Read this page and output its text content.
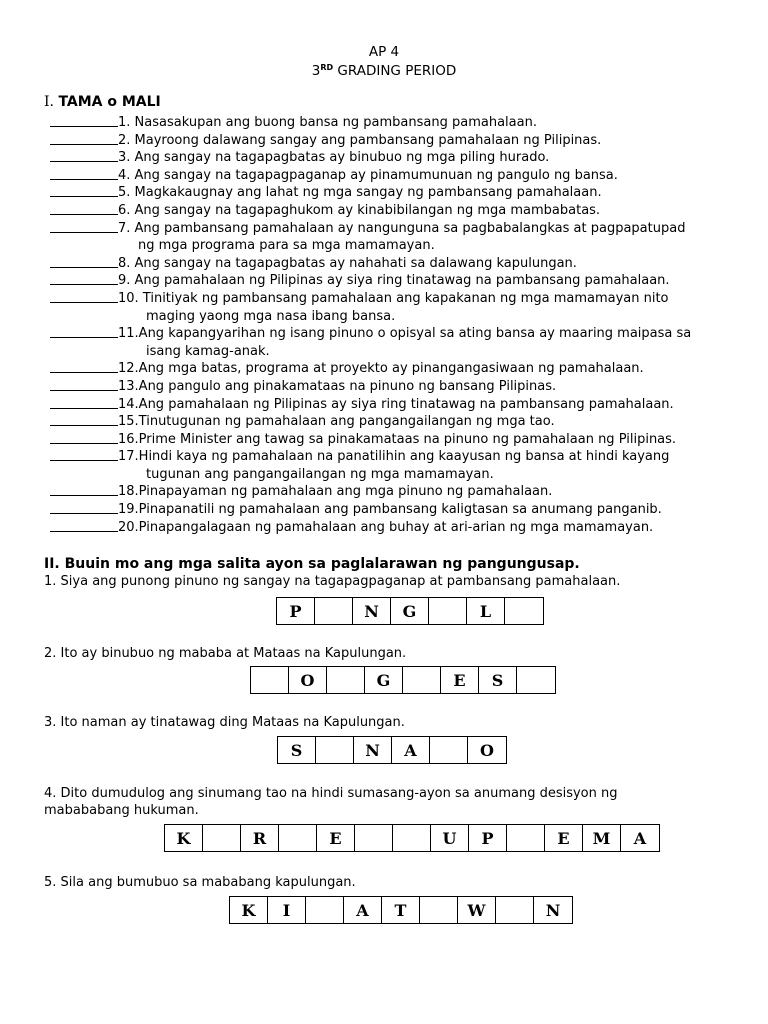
AP 4
3RD GRADING PERIOD
I. TAMA o MALI
1. Nasasakupan ang buong bansa ng pambansang pamahalaan.
2. Mayroong dalawang sangay ang pambansang pamahalaan ng Pilipinas.
3. Ang sangay na tagapagbatas ay binubuo ng mga piling hurado.
4. Ang sangay na tagapagpaganap ay pinamumunuan ng pangulo ng bansa.
5. Magkakaugnay ang lahat ng mga sangay ng pambansang pamahalaan.
6. Ang sangay na tagapaghukom ay kinabibilangan ng mga mambabatas.
7. Ang pambansang pamahalaan ay nangunguna sa pagbabalangkas at pagpapatupad
ng mga programa para sa mga mamamayan.
8. Ang sangay na tagapagbatas ay nahahati sa dalawang kapulungan.
9. Ang pamahalaan ng Pilipinas ay siya ring tinatawag na pambansang pamahalaan.
10. Tinitiyak ng pambansang pamahalaan ang kapakanan ng mga mamamayan nito
maging yaong mga nasa ibang bansa.
11.Ang kapangyarihan ng isang pinuno o opisyal sa ating bansa ay maaring maipasa sa
isang kamag-anak.
12.Ang mga batas, programa at proyekto ay pinangangasiwaan ng pamahalaan.
13.Ang pangulo ang pinakamataas na pinuno ng bansang Pilipinas.
14.Ang pamahalaan ng Pilipinas ay siya ring tinatawag na pambansang pamahalaan.
15.Tinutugunan ng pamahalaan ang pangangailangan ng mga tao.
16.Prime Minister ang tawag sa pinakamataas na pinuno ng pamahalaan ng Pilipinas.
17.Hindi kaya ng pamahalaan na panatilihin ang kaayusan ng bansa at hindi kayang
tugunan ang pangangailangan ng mga mamamayan.
18.Pinapayaman ng pamahalaan ang mga pinuno ng pamahalaan.
19.Pinapanatili ng pamahalaan ang pambansang kaligtasan sa anumang panganib.
20.Pinapangalagaan ng pamahalaan ang buhay at ari-arian ng mga mamamayan.
II. Buuin mo ang mga salita ayon sa paglalarawan ng pangungusap.
1. Siya ang punong pinuno ng sangay na tagapagpaganap at pambansang pamahalaan.
P	N	G	L
2. Ito ay binubuo ng mababa at Mataas na Kapulungan.
O	G	E	S
3. Ito naman ay tinatawag ding Mataas na Kapulungan.
S	N	A	O
4. Dito dumudulog ang sinumang tao na hindi sumasang-ayon sa anumang desisyon ng mabababang hukuman.
K	R	E	U	P	E	M	A
5. Sila ang bumubuo sa mababang kapulungan.
K	I	A	T	W	N
